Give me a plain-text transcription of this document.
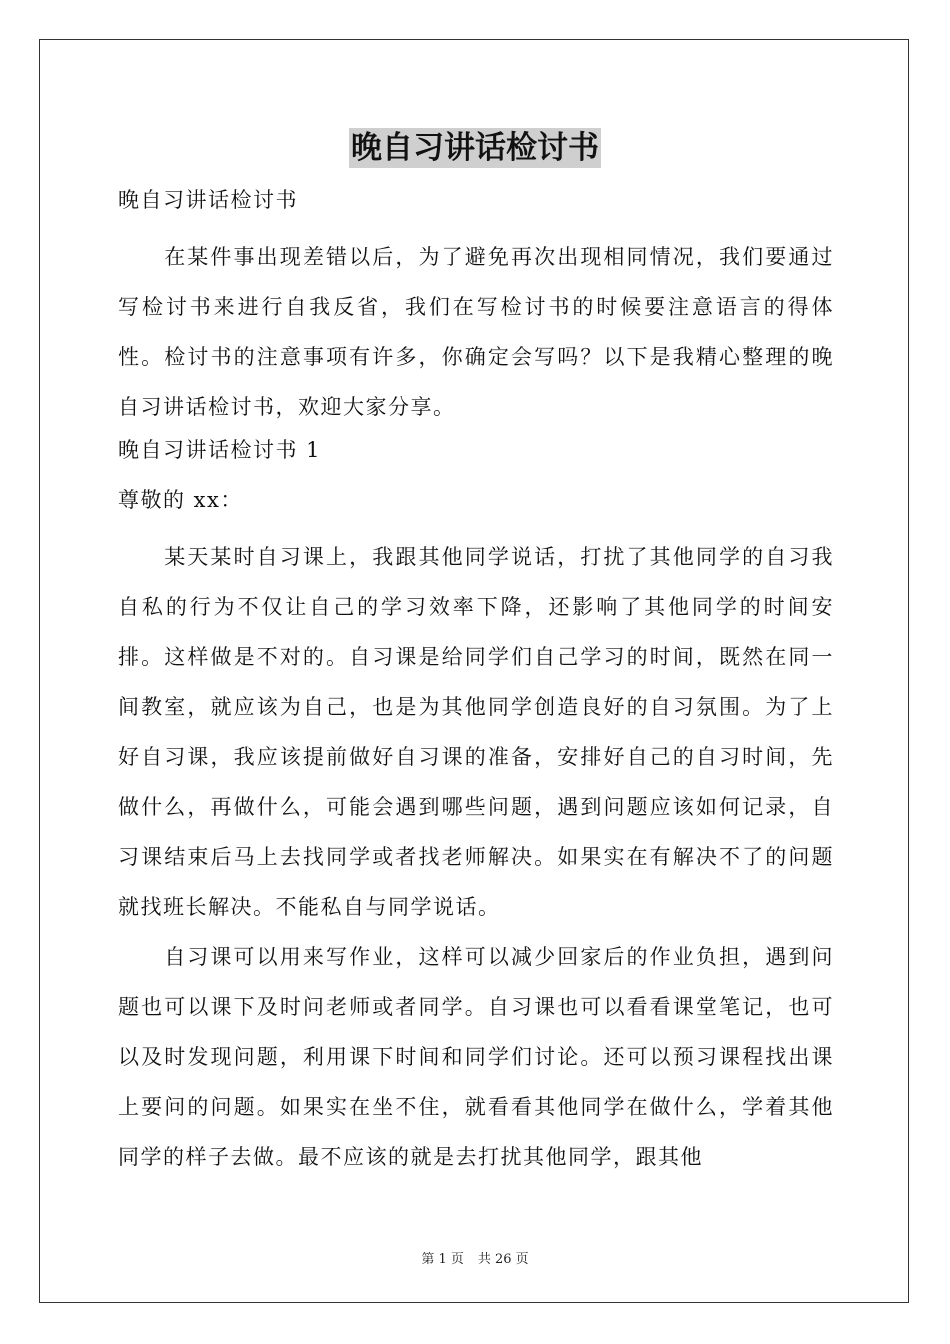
晚自习讲话检讨书
晚自习讲话检讨书

在某件事出现差错以后，为了避免再次出现相同情况，我们要通过写检讨书来进行自我反省，我们在写检讨书的时候要注意语言的得体性。检讨书的注意事项有许多，你确定会写吗？以下是我精心整理的晚自习讲话检讨书，欢迎大家分享。

晚自习讲话检讨书 1
尊敬的 xx：

某天某时自习课上，我跟其他同学说话，打扰了其他同学的自习我自私的行为不仅让自己的学习效率下降，还影响了其他同学的时间安排。这样做是不对的。自习课是给同学们自己学习的时间，既然在同一间教室，就应该为自己，也是为其他同学创造良好的自习氛围。为了上好自习课，我应该提前做好自习课的准备，安排好自己的自习时间，先做什么，再做什么，可能会遇到哪些问题，遇到问题应该如何记录，自习课结束后马上去找同学或者找老师解决。如果实在有解决不了的问题就找班长解决。不能私自与同学说话。

自习课可以用来写作业，这样可以减少回家后的作业负担，遇到问题也可以课下及时问老师或者同学。自习课也可以看看课堂笔记，也可以及时发现问题，利用课下时间和同学们讨论。还可以预习课程找出课上要问的问题。如果实在坐不住，就看看其他同学在做什么，学着其他同学的样子去做。最不应该的就是去打扰其他同学，跟其他

第 1 页 共 26 页
